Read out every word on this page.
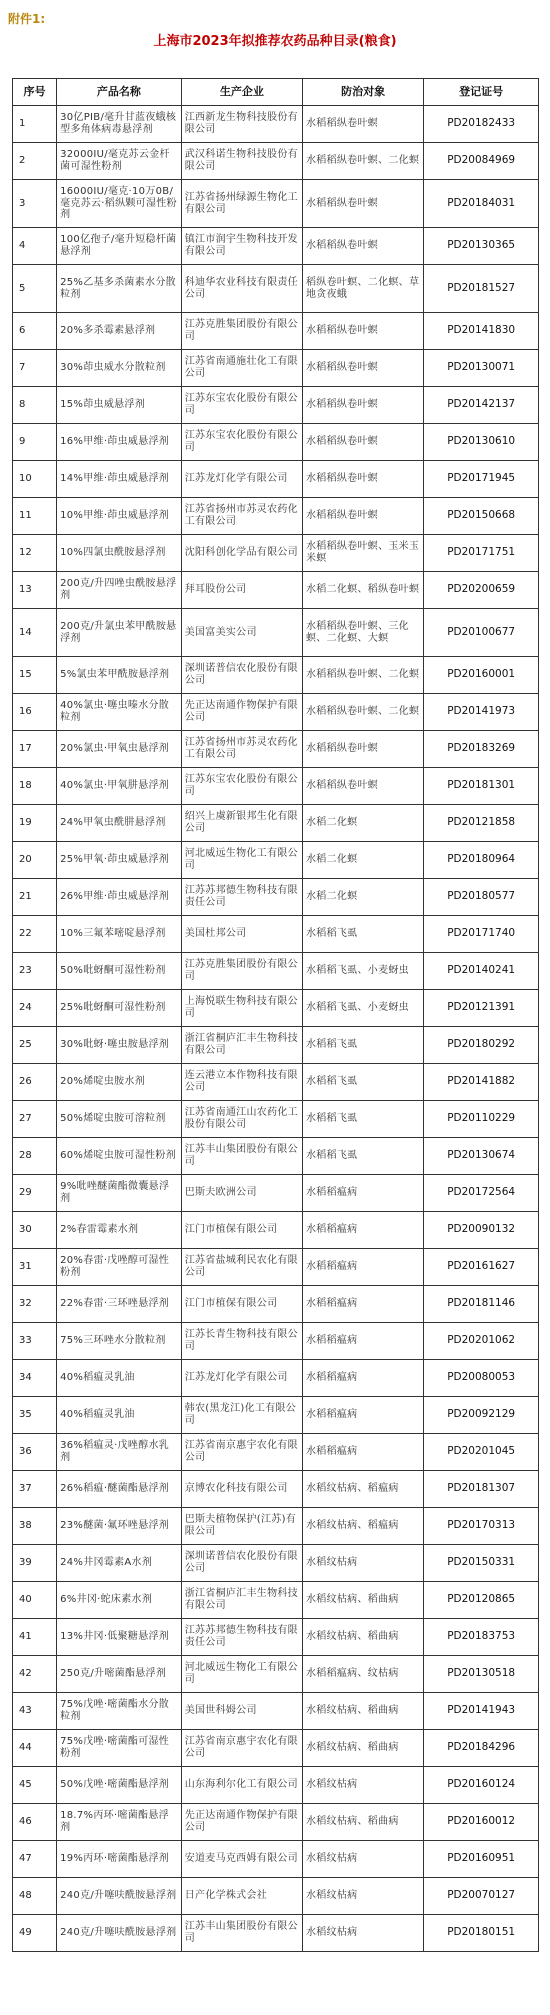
附件1:
上海市2023年拟推荐农药品种目录(粮食)
序号	产品名称	生产企业	防治对象	登记证号
1	30亿PIB/毫升甘蓝夜蛾核型多角体病毒悬浮剂	江西新龙生物科技股份有限公司	水稻稻纵卷叶螟	PD20182433
2	32000IU/毫克苏云金杆菌可湿性粉剂	武汉科诺生物科技股份有限公司	水稻稻纵卷叶螟、二化螟	PD20084969
3	16000IU/毫克·10万0B/毫克苏云·稻纵颗可湿性粉剂	江苏省扬州绿源生物化工有限公司	水稻稻纵卷叶螟	PD20184031
4	100亿孢子/毫升短稳杆菌悬浮剂	镇江市润宇生物科技开发有限公司	水稻稻纵卷叶螟	PD20130365
5	25%乙基多杀菌素水分散粒剂	科迪华农业科技有限责任公司	稻纵卷叶螟、二化螟、草地贪夜蛾	PD20181527
6	20%多杀霉素悬浮剂	江苏克胜集团股份有限公司	水稻稻纵卷叶螟	PD20141830
7	30%茚虫威水分散粒剂	江苏省南通施壮化工有限公司	水稻稻纵卷叶螟	PD20130071
8	15%茚虫威悬浮剂	江苏东宝农化股份有限公司	水稻稻纵卷叶螟	PD20142137
9	16%甲维·茚虫威悬浮剂	江苏东宝农化股份有限公司	水稻稻纵卷叶螟	PD20130610
10	14%甲维·茚虫威悬浮剂	江苏龙灯化学有限公司	水稻稻纵卷叶螟	PD20171945
11	10%甲维·茚虫威悬浮剂	江苏省扬州市苏灵农药化工有限公司	水稻稻纵卷叶螟	PD20150668
12	10%四氯虫酰胺悬浮剂	沈阳科创化学品有限公司	水稻稻纵卷叶螟、玉米玉米螟	PD20171751
13	200克/升四唑虫酰胺悬浮剂	拜耳股份公司	水稻二化螟、稻纵卷叶螟	PD20200659
14	200克/升氯虫苯甲酰胺悬浮剂	美国富美实公司	水稻稻纵卷叶螟、三化螟、二化螟、大螟	PD20100677
15	5%氯虫苯甲酰胺悬浮剂	深圳诺普信农化股份有限公司	水稻稻纵卷叶螟、二化螟	PD20160001
16	40%氯虫·噻虫嗪水分散粒剂	先正达南通作物保护有限公司	水稻稻纵卷叶螟、二化螟	PD20141973
17	20%氯虫·甲氧虫悬浮剂	江苏省扬州市苏灵农药化工有限公司	水稻稻纵卷叶螟	PD20183269
18	40%氯虫·甲氧肼悬浮剂	江苏东宝农化股份有限公司	水稻稻纵卷叶螟	PD20181301
19	24%甲氧虫酰肼悬浮剂	绍兴上虞新银邦生化有限公司	水稻二化螟	PD20121858
20	25%甲氧·茚虫威悬浮剂	河北威远生物化工有限公司	水稻二化螟	PD20180964
21	26%甲维·茚虫威悬浮剂	江苏苏邦德生物科技有限责任公司	水稻二化螟	PD20180577
22	10%三氟苯嘧啶悬浮剂	美国杜邦公司	水稻稻飞虱	PD20171740
23	50%吡蚜酮可湿性粉剂	江苏克胜集团股份有限公司	水稻稻飞虱、小麦蚜虫	PD20140241
24	25%吡蚜酮可湿性粉剂	上海悦联生物科技有限公司	水稻稻飞虱、小麦蚜虫	PD20121391
25	30%吡蚜·噻虫胺悬浮剂	浙江省桐庐汇丰生物科技有限公司	水稻稻飞虱	PD20180292
26	20%烯啶虫胺水剂	连云港立本作物科技有限公司	水稻稻飞虱	PD20141882
27	50%烯啶虫胺可溶粒剂	江苏省南通江山农药化工股份有限公司	水稻稻飞虱	PD20110229
28	60%烯啶虫胺可湿性粉剂	江苏丰山集团股份有限公司	水稻稻飞虱	PD20130674
29	9%吡唑醚菌酯微囊悬浮剂	巴斯夫欧洲公司	水稻稻瘟病	PD20172564
30	2%春雷霉素水剂	江门市植保有限公司	水稻稻瘟病	PD20090132
31	20%春雷·戊唑醇可湿性粉剂	江苏省盐城利民农化有限公司	水稻稻瘟病	PD20161627
32	22%春雷·三环唑悬浮剂	江门市植保有限公司	水稻稻瘟病	PD20181146
33	75%三环唑水分散粒剂	江苏长青生物科技有限公司	水稻稻瘟病	PD20201062
34	40%稻瘟灵乳油	江苏龙灯化学有限公司	水稻稻瘟病	PD20080053
35	40%稻瘟灵乳油	韩农(黑龙江)化工有限公司	水稻稻瘟病	PD20092129
36	36%稻瘟灵·戊唑醇水乳剂	江苏省南京惠宇农化有限公司	水稻稻瘟病	PD20201045
37	26%稻瘟·醚菌酯悬浮剂	京博农化科技有限公司	水稻纹枯病、稻瘟病	PD20181307
38	23%醚菌·氟环唑悬浮剂	巴斯夫植物保护(江苏)有限公司	水稻纹枯病、稻瘟病	PD20170313
39	24%井冈霉素A水剂	深圳诺普信农化股份有限公司	水稻纹枯病	PD20150331
40	6%井冈·蛇床素水剂	浙江省桐庐汇丰生物科技有限公司	水稻纹枯病、稻曲病	PD20120865
41	13%井冈·低聚糖悬浮剂	江苏苏邦德生物科技有限责任公司	水稻纹枯病、稻曲病	PD20183753
42	250克/升嘧菌酯悬浮剂	河北威远生物化工有限公司	水稻稻瘟病、纹枯病	PD20130518
43	75%戊唑·嘧菌酯水分散粒剂	美国世科姆公司	水稻纹枯病、稻曲病	PD20141943
44	75%戊唑·嘧菌酯可湿性粉剂	江苏省南京惠宇农化有限公司	水稻纹枯病、稻曲病	PD20184296
45	50%戊唑·嘧菌酯悬浮剂	山东海利尔化工有限公司	水稻纹枯病	PD20160124
46	18.7%丙环·嘧菌酯悬浮剂	先正达南通作物保护有限公司	水稻纹枯病、稻曲病	PD20160012
47	19%丙环·嘧菌酯悬浮剂	安道麦马克西姆有限公司	水稻纹枯病	PD20160951
48	240克/升噻呋酰胺悬浮剂	日产化学株式会社	水稻纹枯病	PD20070127
49	240克/升噻呋酰胺悬浮剂	江苏丰山集团股份有限公司	水稻纹枯病	PD20180151
